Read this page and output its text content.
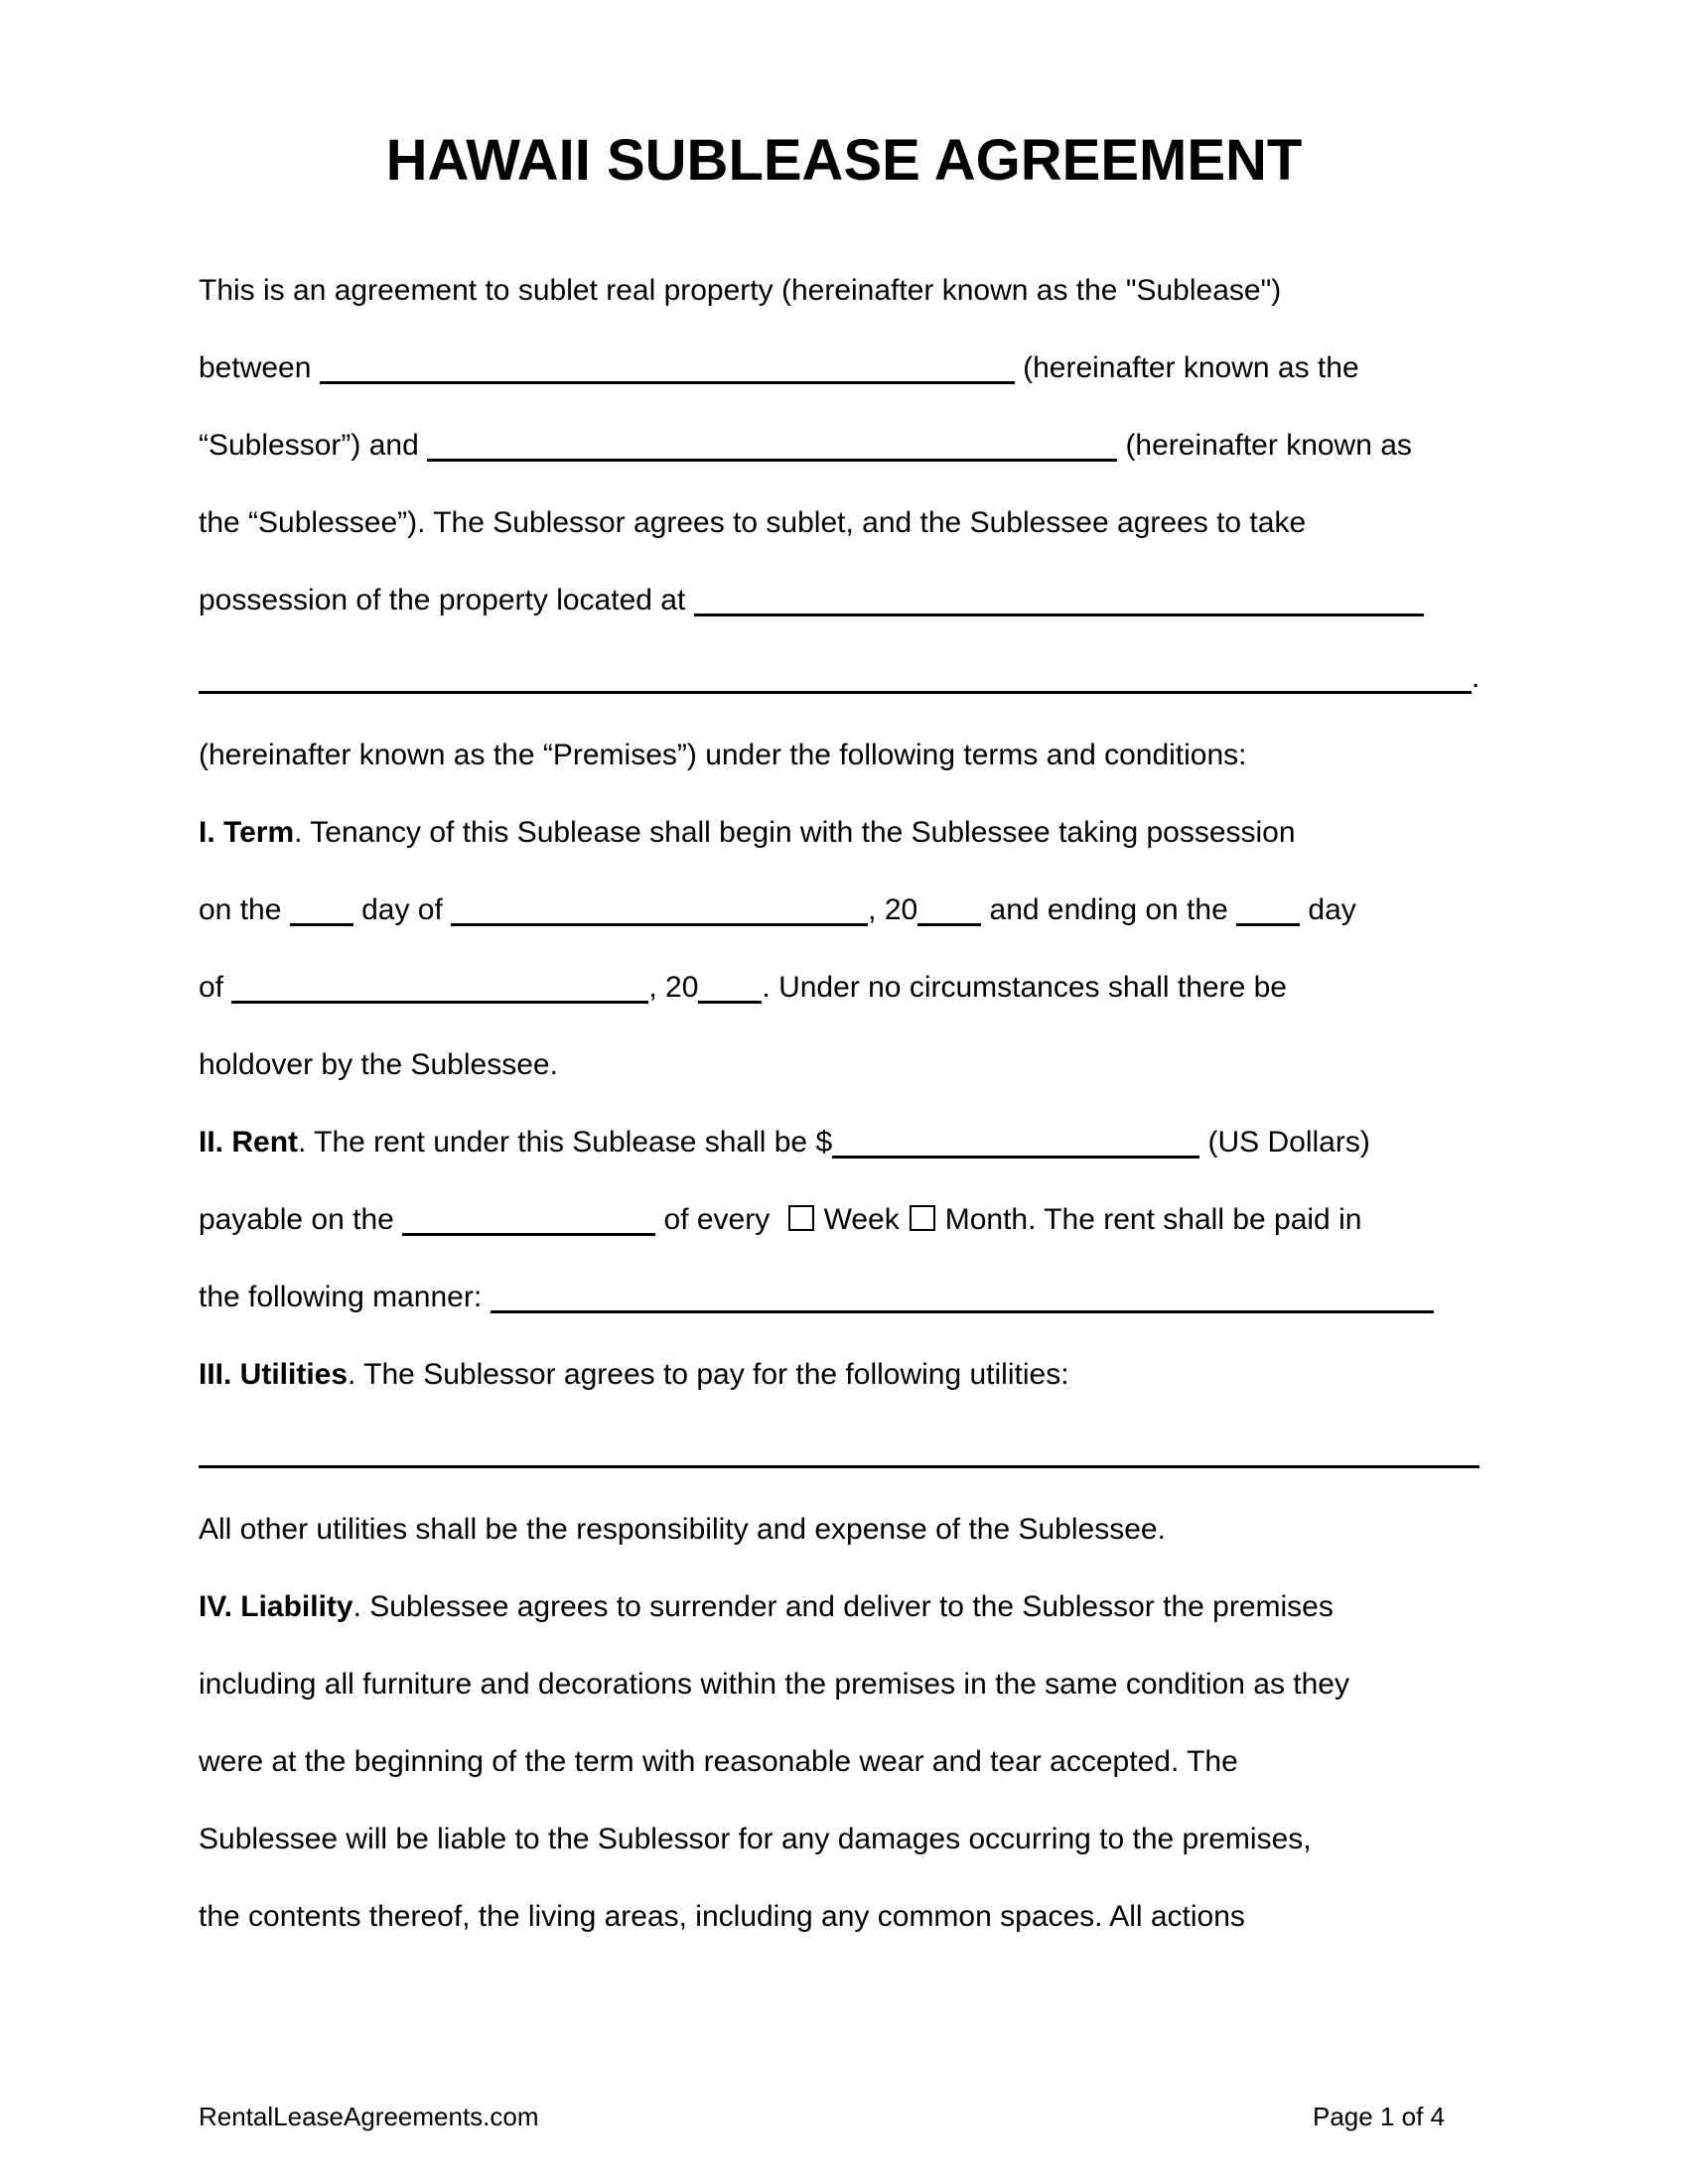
HAWAII SUBLEASE AGREEMENT
This is an agreement to sublet real property (hereinafter known as the "Sublease")
between	(hereinafter known as the
“Sublessor”) and	(hereinafter known as
the “Sublessee”). The Sublessor agrees to sublet, and the Sublessee agrees to take
possession of the property located at
.
(hereinafter known as the “Premises”) under the following terms and conditions:
I. Term. Tenancy of this Sublease shall begin with the Sublessee taking possession
on the  day of	, 20 and ending on the  day
of	, 20 . Under no circumstances shall there be
holdover by the Sublessee.
II. Rent. The rent under this Sublease shall be $	(US Dollars)
payable on the	of every Week Month. The rent shall be paid in
the following manner:
III. Utilities. The Sublessor agrees to pay for the following utilities:
All other utilities shall be the responsibility and expense of the Sublessee.
IV. Liability. Sublessee agrees to surrender and deliver to the Sublessor the premises
including all furniture and decorations within the premises in the same condition as they
were at the beginning of the term with reasonable wear and tear accepted. The
Sublessee will be liable to the Sublessor for any damages occurring to the premises,
the contents thereof, the living areas, including any common spaces. All actions
RentalLeaseAgreements.com	Page 1 of 4
